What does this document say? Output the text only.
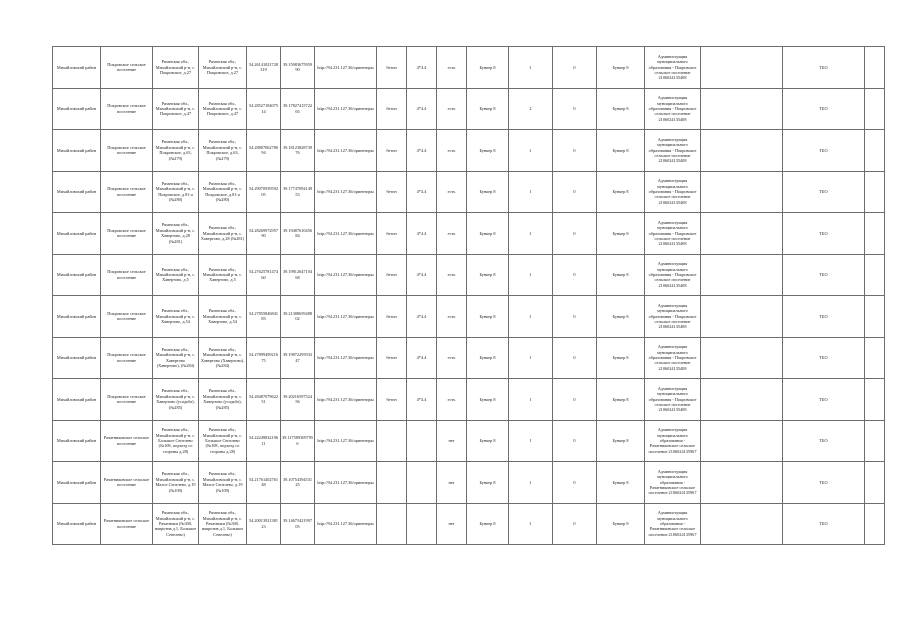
Михайловский район	Покровское сельское поселение	Рязанская обл., Михайловский р-н, с. Покровское, д.27	Рязанская обл., Михайловский р-н, с. Покровское, д.27	54.26141021728319	39.1598367595990	http://94.231.127.36/ориентиры	бетон	4*4.4	есть	Бункер 8	1	0	Бункер 8	Администрация муниципального образования - Покровское сельское поселение 2106024135408		ТБО	
Михайловский район	Покровское сельское поселение	Рязанская обл., Михайловский р-н, с. Покровское, д.47	Рязанская обл., Михайловский р-н, с. Покровское, д.47	54.2852718407514	39.1782741572265	http://94.231.127.36/ориентиры	бетон	4*4.4	есть	Бункер 8	2	0	Бункер 8	Администрация муниципального образования - Покровское сельское поселение 2106024135408		ТБО	
Михайловский район	Покровское сельское поселение	Рязанская обл., Михайловский р-н, с. Покровское, д.63, (№279)	Рязанская обл., Михайловский р-н, с. Покровское, д.63, (№279)	54.2880706278094	39.1812382873976	http://94.231.127.36/ориентиры	бетон	4*4.4	есть	Бункер 8	1	0	Бункер 8	Администрация муниципального образования - Покровское сельское поселение 2106024135408		ТБО	
Михайловский район	Покровское сельское поселение	Рязанская обл., Михайловский р-н, с. Покровское, д.81-а (№280)	Рязанская обл., Михайловский р-н, с. Покровское, д.81-а (№280)	54.2907093959205	39.1774709414953	http://94.231.127.36/ориентиры	бетон	4*4.4	есть	Бункер 8	1	0	Бункер 8	Администрация муниципального образования - Покровское сельское поселение 2106024135408		ТБО	
Михайловский район	Покровское сельское поселение	Рязанская обл., Михайловский р-н, с. Хавертово, д.28 (№281)	Рязанская обл., Михайловский р-н, с. Хавертово, д.28 (№281)	54.2826997295790	39.1948761045684	http://94.231.127.36/ориентиры	бетон	4*4.4	есть	Бункер 8	1	0	Бункер 8	Администрация муниципального образования - Покровское сельское поселение 2106024135408		ТБО	
Михайловский район	Покровское сельское поселение	Рязанская обл., Михайловский р-н, с. Хавертово, д.5	Рязанская обл., Михайловский р-н, с. Хавертово, д.5	54.2762578147460	39.1981264710468	http://94.231.127.36/ориентиры	бетон	4*4.4	есть	Бункер 8	1	0	Бункер 8	Администрация муниципального образования - Покровское сельское поселение 2106024135408		ТБО	
Михайловский район	Покровское сельское поселение	Рязанская обл., Михайловский р-н, с. Хавертово, д.54	Рязанская обл., Михайловский р-н, с. Хавертово, д.54	54.2785584684183	39.2138865948802	http://94.231.127.36/ориентиры	бетон	4*4.4	есть	Бункер 8	1	0	Бункер 8	Администрация муниципального образования - Покровское сельское поселение 2106024135408		ТБО	
Михайловский район	Покровское сельское поселение	Рязанская обл., Михайловский р-н, с. Хавертово (Хавертово), (№284)	Рязанская обл., Михайловский р-н, с. Хавертово (Хавертово), (№284)	54.2789949921675	39.1987229593347	http://94.231.127.36/ориентиры	бетон	4*4.4	есть	Бункер 8	1	0	Бункер 8	Администрация муниципального образования - Покровское сельское поселение 2106024135408		ТБО	
Михайловский район	Покровское сельское поселение	Рязанская обл., Михайловский р-н, с. Хавертово (усадьба), (№285)	Рязанская обл., Михайловский р-н, с. Хавертово (усадьба), (№285)	54.2848707962251	39.2021659752456	http://94.231.127.36/ориентиры	бетон	4*4.4	есть	Бункер 8	1	0	Бункер 8	Администрация муниципального образования - Покровское сельское поселение 2106024135408		ТБО	
Михайловский район	Рачатниковское сельское поселение	Рязанская обл., Михайловский р-н, с. Большое Сепелево (№108, подъезд со стороны д.28)	Рязанская обл., Михайловский р-н, с. Большое Сепелево (№108, подъезд со стороны д.28)	54.2224983219611	39.1175893097956	http://94.231.127.36/ориентиры			нет	Бункер 8	1	0	Бункер 8	Администрация муниципального образования - Рачатниковское сельское поселение 2106024135967		ТБО	
Михайловский район	Рачатниковское сельское поселение	Рязанская обл., Михайловский р-н, с. Малое Сепелево, д.19 (№109)	Рязанская обл., Михайловский р-н, с. Малое Сепелево, д.19 (№109)	54.2176140276148	39.1075439453125	http://94.231.127.36/ориентиры			нет	Бункер 8	1	0	Бункер 8	Администрация муниципального образования - Рачатниковское сельское поселение 2106024135967		ТБО	
Михайловский район	Рачатниковское сельское поселение	Рязанская обл., Михайловский р-н, с. Рачатники (№300, напротив д.1, Большое Сепелево)	Рязанская обл., Михайловский р-н, с. Рачатники (№300, напротив д.1, Большое Сепелево)	54.2001392138123	39.1467542199705	http://94.231.127.36/ориентиры			нет	Бункер 8	1	0	Бункер 8	Администрация муниципального образования - Рачатниковское сельское поселение 2106024135967		ТБО	
